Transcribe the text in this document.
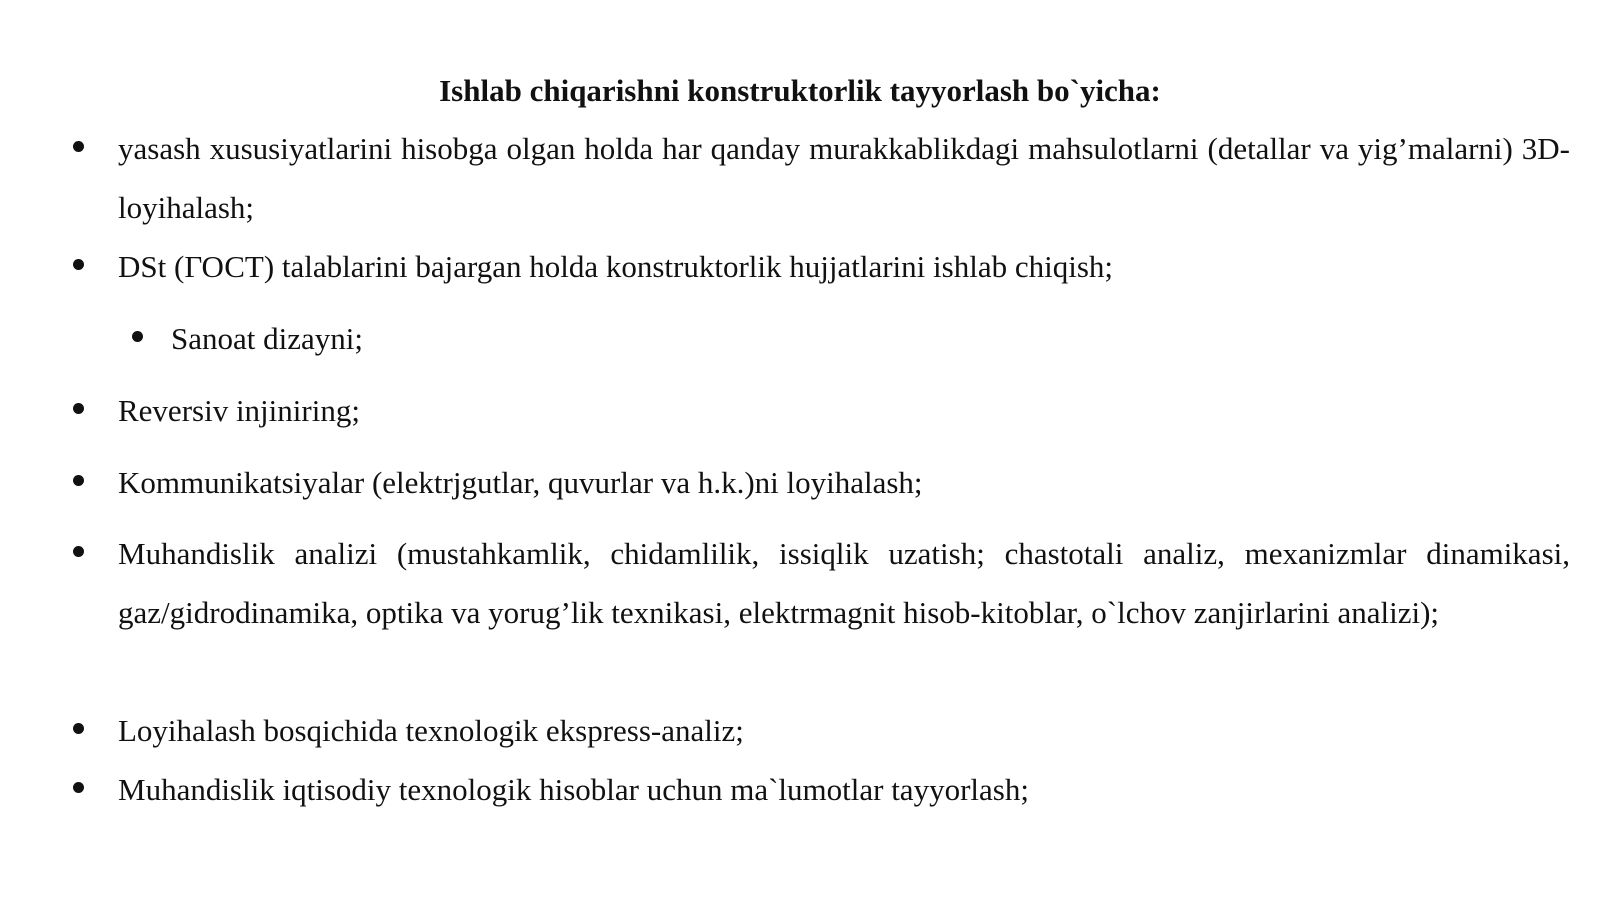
Ishlab chiqarishni konstruktorlik tayyorlash bo`yicha:
yasash xususiyatlarini hisobga olgan holda har qanday murakkablikdagi mahsulotlarni (detallar va yig’malarni) 3D-loyihalash;
DSt (ГОСТ) talablarini bajargan holda konstruktorlik hujjatlarini ishlab chiqish;
Sanoat dizayni;
Reversiv injiniring;
Kommunikatsiyalar (elektrjgutlar, quvurlar va h.k.)ni loyihalash;
Muhandislik analizi (mustahkamlik, chidamlilik, issiqlik uzatish; chastotali analiz, mexanizmlar dinamikasi, gaz/gidrodinamika, optika va yorug’lik texnikasi, elektrmagnit hisob-kitoblar, o`lchov zanjirlarini analizi);
Loyihalash bosqichida texnologik ekspress-analiz;
Muhandislik iqtisodiy texnologik hisoblar uchun ma`lumotlar tayyorlash;
